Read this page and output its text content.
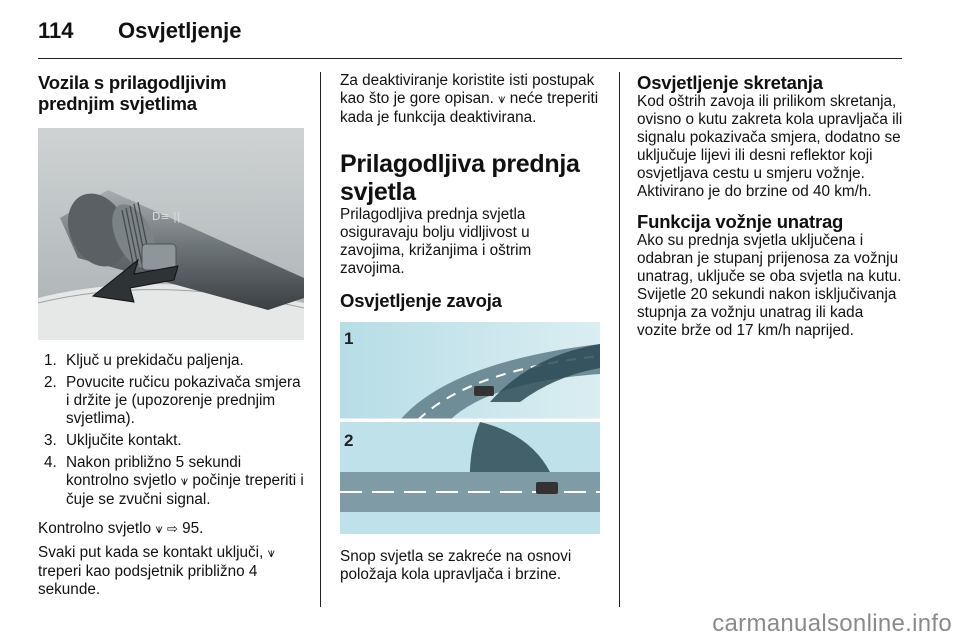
114 Osvjetljenje
Vozila s prilagodljivim prednjim svjetlima
D≡ ||
1. Ključ u prekidaču paljenja.
2. Povucite ručicu pokazivača smjera i držite je (upozorenje prednjim svjetlima).
3. Uključite kontakt.
4. Nakon približno 5 sekundi kontrolno svjetlo ⩛ počinje treperiti i čuje se zvučni signal.

Kontrolno svjetlo ⩛ ⇨ 95.

Svaki put kada se kontakt uključi, ⩛ treperi kao podsjetnik približno 4 sekunde.

Za deaktiviranje koristite isti postupak kao što je gore opisan. ⩛ neće treperiti kada je funkcija deaktivirana.

Prilagodljiva prednja svjetla

Prilagodljiva prednja svjetla osiguravaju bolju vidljivost u zavojima, križanjima i oštrim zavojima.

Osvjetljenje zavoja
1
2

Snop svjetla se zakreće na osnovi položaja kola upravljača i brzine.

Osvjetljenje skretanja

Kod oštrih zavoja ili prilikom skretanja, ovisno o kutu zakreta kola upravljača ili signalu pokazivača smjera, dodatno se uključuje lijevi ili desni reflektor koji osvjetljava cestu u smjeru vožnje. Aktivirano je do brzine od 40 km/h.

Funkcija vožnje unatrag

Ako su prednja svjetla uključena i odabran je stupanj prijenosa za vožnju unatrag, uključe se oba svjetla na kutu. Svijetle 20 sekundi nakon isključivanja stupnja za vožnju unatrag ili kada vozite brže od 17 km/h naprijed.

carmanualsonline.info
